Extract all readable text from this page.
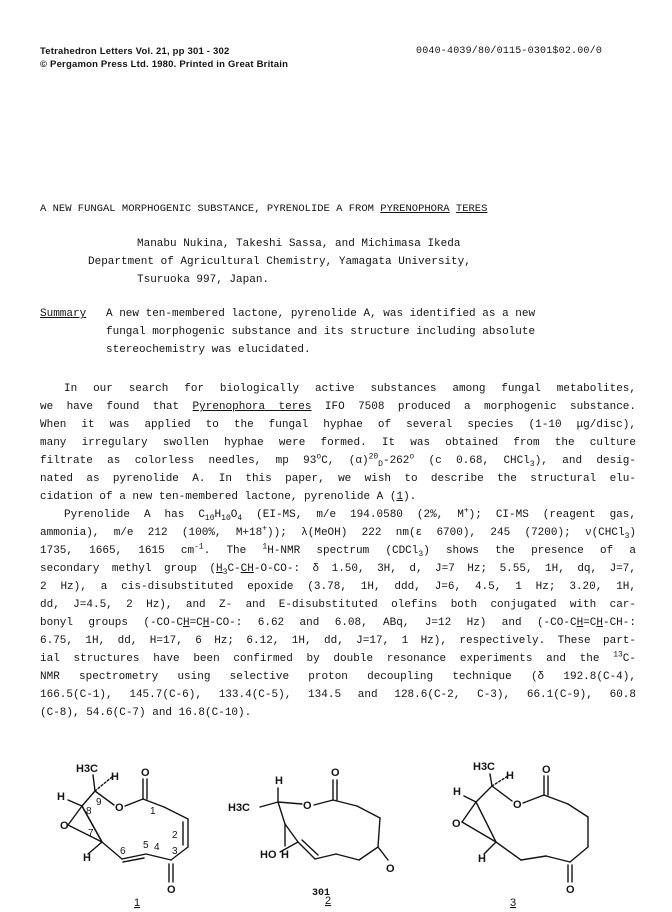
Tetrahedron Letters Vol. 21, pp 301 - 302
© Pergamon Press Ltd. 1980. Printed in Great Britain
0040-4039/80/0115-0301$02.00/0
A NEW FUNGAL MORPHOGENIC SUBSTANCE, PYRENOLIDE A FROM PYRENOPHORA TERES
Manabu Nukina, Takeshi Sassa, and Michimasa Ikeda
Department of Agricultural Chemistry, Yamagata University,
Tsuruoka 997, Japan.
Summary A new ten-membered lactone, pyrenolide A, was identified as a new
fungal morphogenic substance and its structure including absolute
stereochemistry was elucidated.
In our search for biologically active substances among fungal metabolites,
we have found that Pyrenophora teres IFO 7508 produced a morphogenic substance.
When it was applied to the fungal hyphae of several species (1-10 μg/disc),
many irregulary swollen hyphae were formed. It was obtained from the culture
filtrate as colorless needles, mp 93$^o$C, $(\alpha)^{20}_D-262^o$ (c 0.68, CHCl$_3$), and desig-
nated as pyrenolide A. In this paper, we wish to describe the structural elu-
cidation of a new ten-membered lactone, pyrenolide A (1).
Pyrenolide A has $C_{10}H_{10}O_4$ (EI-MS, m/e 194.0580 (2%, M+); CI-MS (reagent gas,
ammonia), m/e 212 (100%, M+18+)); λ(MeOH) 222 nm(ε 6700), 245 (7200); ν(CHCl$_3$)
1735, 1665, 1615 $cm^{-1}$. The $^1$H-NMR spectrum (CDCl$_3$) shows the presence of a
secondary methyl group ($H_3C-CH-O-CO-$: δ 1.50, 3H, d, J=7 Hz; 5.55, 1H, dq, J=7,
2 Hz), a cis-disubstituted epoxide (3.78, 1H, ddd, J=6, 4.5, 1 Hz; 3.20, 1H,
dd, J=4.5, 2 Hz), and Z- and E-disubstituted olefins both conjugated with car-
bonyl groups (-CO-CH=CH-CO-: 6.62 and 6.08, ABq, J=12 Hz) and (-CO-CH=CH-CH-:
6.75, 1H, dd, H=17, 6 Hz; 6.12, 1H, dd, J=17, 1 Hz), respectively. These part-
ial structures have been confirmed by double resonance experiments and the $^{13}$C-
NMR spectrometry using selective proton decoupling technique (δ 192.8(C-4),
166.5(C-1), 145.7(C-6), 133.4(C-5), 134.5 and 128.6(C-2, C-3), 66.1(C-9), 60.8
(C-8), 54.6(C-7) and 16.8(C-10).
H3C
H
H
H
O
O
O
O
1
2
3
4
5
6
7
8
9
1
H3C
H
H
HO
O
O
O
2
H3C
H
H
H
O
O
O
O
3
301
